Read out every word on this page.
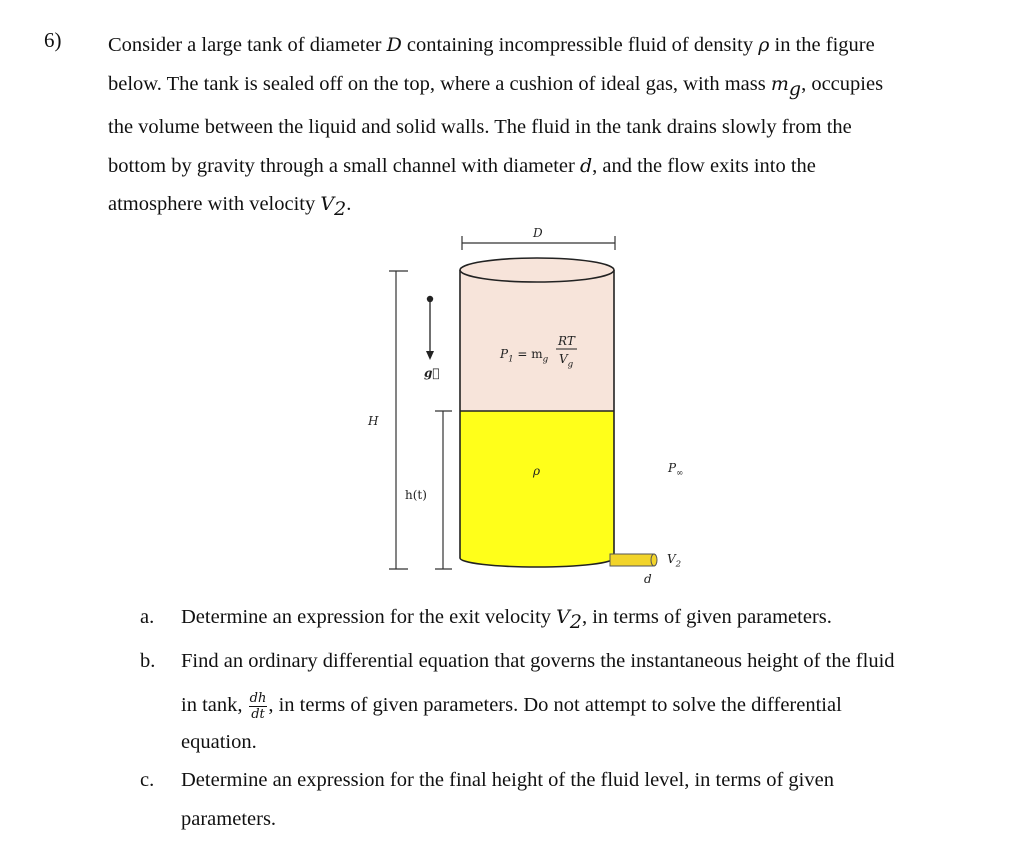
6) Consider a large tank of diameter D containing incompressible fluid of density ρ in the figure

below. The tank is sealed off on the top, where a cushion of ideal gas, with mass $m_g$, occupies

the volume between the liquid and solid walls. The fluid in the tank drains slowly from the

bottom by gravity through a small channel with diameter d, and the flow exits into the

atmosphere with velocity $V_2$.

D
$P_1 = m_g$
RT
$V_g$
g⃗
H
ρ	$P_\infty$
h(t)
$V_2$
d
a. Determine an expression for the exit velocity $V_2$, in terms of given parameters.
b. Find an ordinary differential equation that governs the instantaneous height of the fluid
in tank, $\frac{dh}{dt}$ , in terms of given parameters. Do not attempt to solve the differential
equation.
c. Determine an expression for the final height of the fluid level, in terms of given
parameters.
